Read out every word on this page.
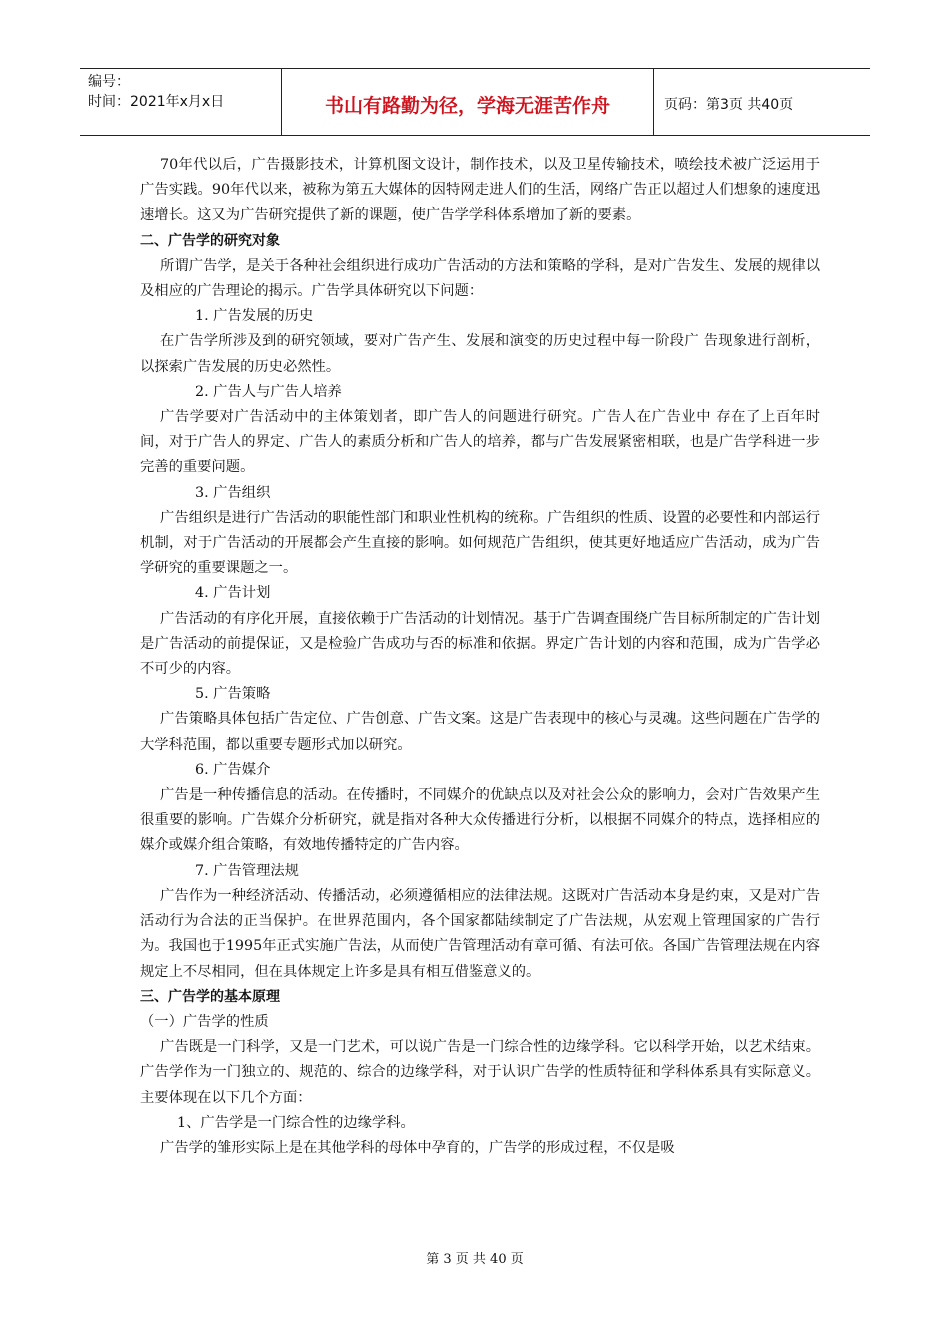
编号：
时间：2021年x月x日	书山有路勤为径，学海无涯苦作舟	页码：第3页 共40页

70年代以后，广告摄影技术，计算机图文设计，制作技术，以及卫星传输技术，喷绘技术被广泛运用于广告实践。90年代以来，被称为第五大媒体的因特网走进人们的生活，网络广告正以超过人们想象的速度迅速增长。这又为广告研究提供了新的课题，使广告学学科体系增加了新的要素。

二、广告学的研究对象

所谓广告学，是关于各种社会组织进行成功广告活动的方法和策略的学科，是对广告发生、发展的规律以及相应的广告理论的揭示。广告学具体研究以下问题：

1. 广告发展的历史

在广告学所涉及到的研究领域，要对广告产生、发展和演变的历史过程中每一阶段广 告现象进行剖析，以探索广告发展的历史必然性。

2. 广告人与广告人培养

广告学要对广告活动中的主体策划者，即广告人的问题进行研究。广告人在广告业中 存在了上百年时间，对于广告人的界定、广告人的素质分析和广告人的培养，都与广告发展紧密相联，也是广告学科进一步完善的重要问题。

3. 广告组织

广告组织是进行广告活动的职能性部门和职业性机构的统称。广告组织的性质、设置的必要性和内部运行机制，对于广告活动的开展都会产生直接的影响。如何规范广告组织，使其更好地适应广告活动，成为广告学研究的重要课题之一。

4. 广告计划

广告活动的有序化开展，直接依赖于广告活动的计划情况。基于广告调查围绕广告目标所制定的广告计划是广告活动的前提保证，又是检验广告成功与否的标准和依据。界定广告计划的内容和范围，成为广告学必不可少的内容。

5. 广告策略

广告策略具体包括广告定位、广告创意、广告文案。这是广告表现中的核心与灵魂。这些问题在广告学的大学科范围，都以重要专题形式加以研究。

6. 广告媒介

广告是一种传播信息的活动。在传播时，不同媒介的优缺点以及对社会公众的影响力，会对广告效果产生很重要的影响。广告媒介分析研究，就是指对各种大众传播进行分析，以根据不同媒介的特点，选择相应的媒介或媒介组合策略，有效地传播特定的广告内容。

7. 广告管理法规

广告作为一种经济活动、传播活动，必须遵循相应的法律法规。这既对广告活动本身是约束，又是对广告活动行为合法的正当保护。在世界范围内，各个国家都陆续制定了广告法规，从宏观上管理国家的广告行为。我国也于1995年正式实施广告法，从而使广告管理活动有章可循、有法可依。各国广告管理法规在内容规定上不尽相同，但在具体规定上许多是具有相互借鉴意义的。

三、广告学的基本原理

（一）广告学的性质

广告既是一门科学，又是一门艺术，可以说广告是一门综合性的边缘学科。它以科学开始，以艺术结束。广告学作为一门独立的、规范的、综合的边缘学科，对于认识广告学的性质特征和学科体系具有实际意义。主要体现在以下几个方面：

1、广告学是一门综合性的边缘学科。

广告学的雏形实际上是在其他学科的母体中孕育的，广告学的形成过程，不仅是吸

第 3 页 共 40 页
